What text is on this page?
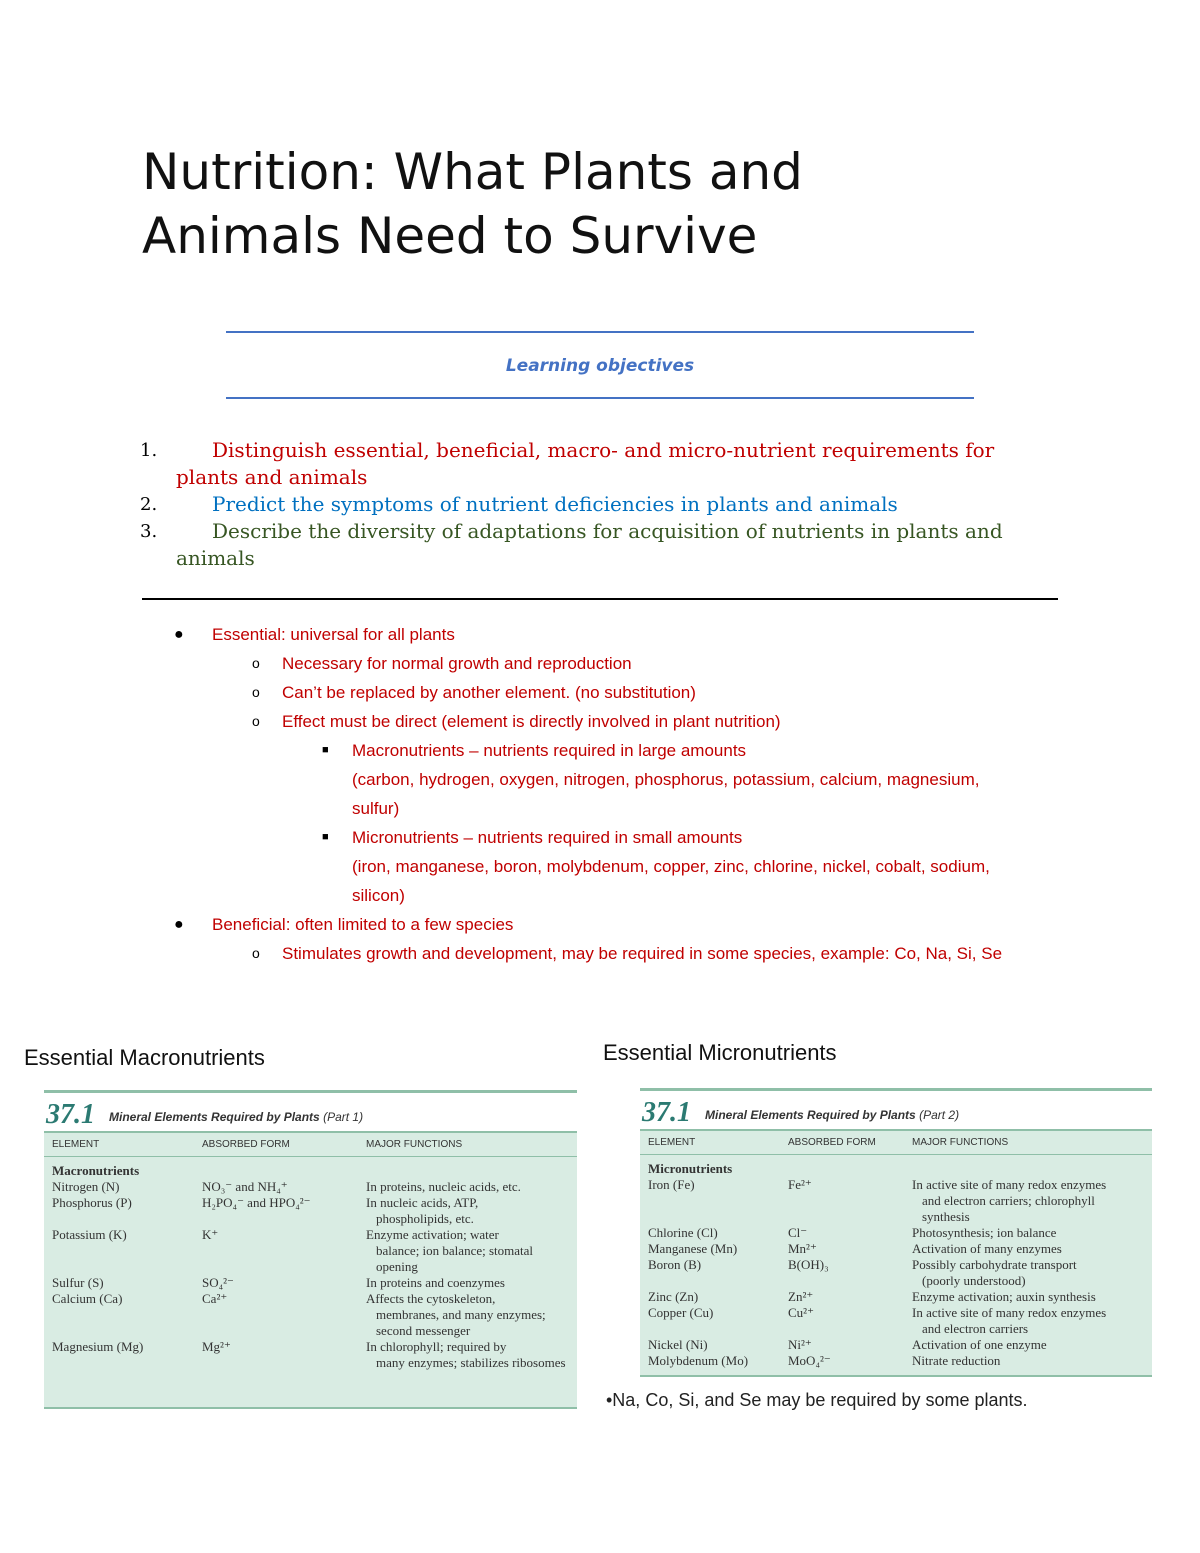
Nutrition: What Plants and Animals Need to Survive
Learning objectives
1.	Distinguish essential, beneficial, macro- and micro-nutrient requirements for plants and animals
2.	Predict the symptoms of nutrient deficiencies in plants and animals
3.	Describe the diversity of adaptations for acquisition of nutrients in plants and animals
● Essential: universal for all plants
o Necessary for normal growth and reproduction
o Can’t be replaced by another element. (no substitution)
o Effect must be direct (element is directly involved in plant nutrition)
■ Macronutrients – nutrients required in large amounts
(carbon, hydrogen, oxygen, nitrogen, phosphorus, potassium, calcium, magnesium, sulfur)
■ Micronutrients – nutrients required in small amounts
(iron, manganese, boron, molybdenum, copper, zinc, chlorine, nickel, cobalt, sodium, silicon)
● Beneficial: often limited to a few species
o Stimulates growth and development, may be required in some species, example: Co, Na, Si, Se
Essential Macronutrients
37.1 Mineral Elements Required by Plants (Part 1)
ELEMENT	ABSORBED FORM	MAJOR FUNCTIONS
Macronutrients
Nitrogen (N)	NO₃⁻ and NH₄⁺	In proteins, nucleic acids, etc.
Phosphorus (P)	H₂PO₄⁻ and HPO₄²⁻	In nucleic acids, ATP,
phospholipids, etc.
Potassium (K)	K⁺	Enzyme activation; water
balance; ion balance; stomatal opening
Sulfur (S)	SO₄²⁻	In proteins and coenzymes
Calcium (Ca)	Ca²⁺	Affects the cytoskeleton,
membranes, and many enzymes; second messenger
Magnesium (Mg)	Mg²⁺	In chlorophyll; required by
many enzymes; stabilizes ribosomes
Essential Micronutrients
37.1 Mineral Elements Required by Plants (Part 2)
ELEMENT	ABSORBED FORM	MAJOR FUNCTIONS
Micronutrients
Iron (Fe)	Fe²⁺	In active site of many redox enzymes
and electron carriers; chlorophyll synthesis
Chlorine (Cl)	Cl⁻	Photosynthesis; ion balance
Manganese (Mn)	Mn²⁺	Activation of many enzymes
Boron (B)	B(OH)₃	Possibly carbohydrate transport
(poorly understood)
Zinc (Zn)	Zn²⁺	Enzyme activation; auxin synthesis
Copper (Cu)	Cu²⁺	In active site of many redox enzymes
and electron carriers
Nickel (Ni)	Ni²⁺	Activation of one enzyme
Molybdenum (Mo)	MoO₄²⁻	Nitrate reduction
•Na, Co, Si, and Se may be required by some plants.
